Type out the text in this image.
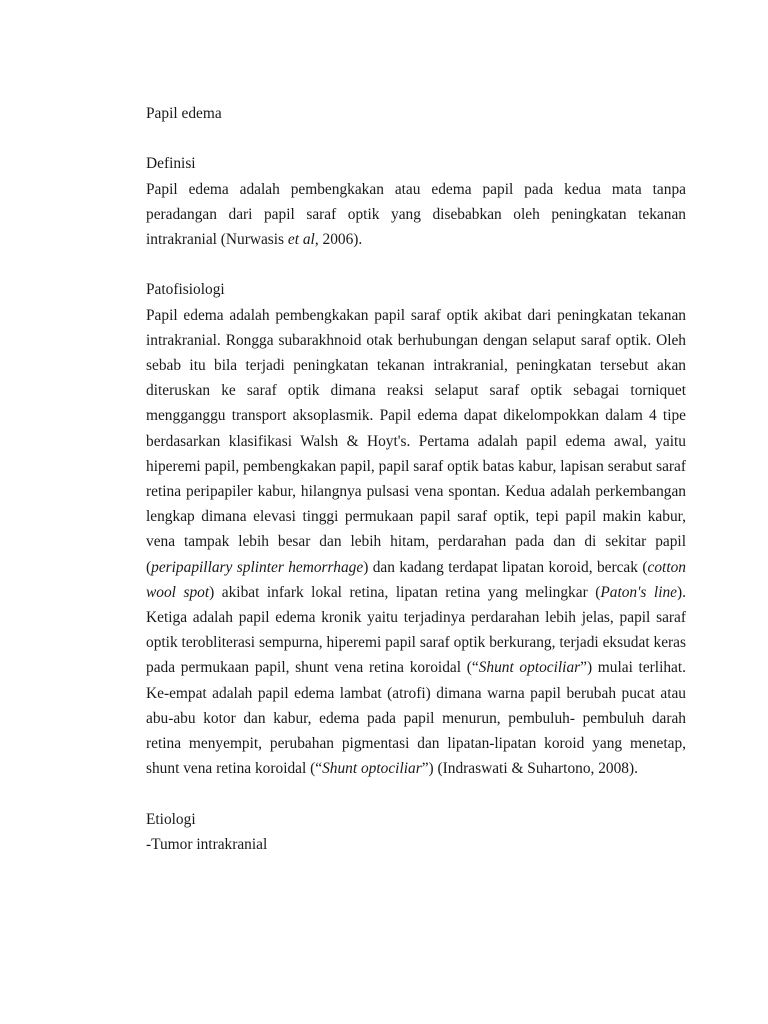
Papil edema

Definisi

Papil edema adalah pembengkakan atau edema papil pada kedua mata tanpa peradangan dari papil saraf optik yang disebabkan oleh peningkatan tekanan intrakranial (Nurwasis et al, 2006).

Patofisiologi

Papil edema adalah pembengkakan papil saraf optik akibat dari peningkatan tekanan intrakranial. Rongga subarakhnoid otak berhubungan dengan selaput saraf optik. Oleh sebab itu bila terjadi peningkatan tekanan intrakranial, peningkatan tersebut akan diteruskan ke saraf optik dimana reaksi selaput saraf optik sebagai torniquet mengganggu transport aksoplasmik. Papil edema dapat dikelompokkan dalam 4 tipe berdasarkan klasifikasi Walsh & Hoyt's. Pertama adalah papil edema awal, yaitu hiperemi papil, pembengkakan papil, papil saraf optik batas kabur, lapisan serabut saraf retina peripapiler kabur, hilangnya pulsasi vena spontan. Kedua adalah perkembangan lengkap dimana elevasi tinggi permukaan papil saraf optik, tepi papil makin kabur, vena tampak lebih besar dan lebih hitam, perdarahan pada dan di sekitar papil (peripapillary splinter hemorrhage) dan kadang terdapat lipatan koroid, bercak (cotton wool spot) akibat infark lokal retina, lipatan retina yang melingkar (Paton's line). Ketiga adalah papil edema kronik yaitu terjadinya perdarahan lebih jelas, papil saraf optik terobliterasi sempurna, hiperemi papil saraf optik berkurang, terjadi eksudat keras pada permukaan papil, shunt vena retina koroidal (“Shunt optociliar”) mulai terlihat. Ke-empat adalah papil edema lambat (atrofi) dimana warna papil berubah pucat atau abu-abu kotor dan kabur, edema pada papil menurun, pembuluh- pembuluh darah retina menyempit, perubahan pigmentasi dan lipatan-lipatan koroid yang menetap, shunt vena retina koroidal (“Shunt optociliar”) (Indraswati & Suhartono, 2008).

Etiologi

-Tumor intrakranial
